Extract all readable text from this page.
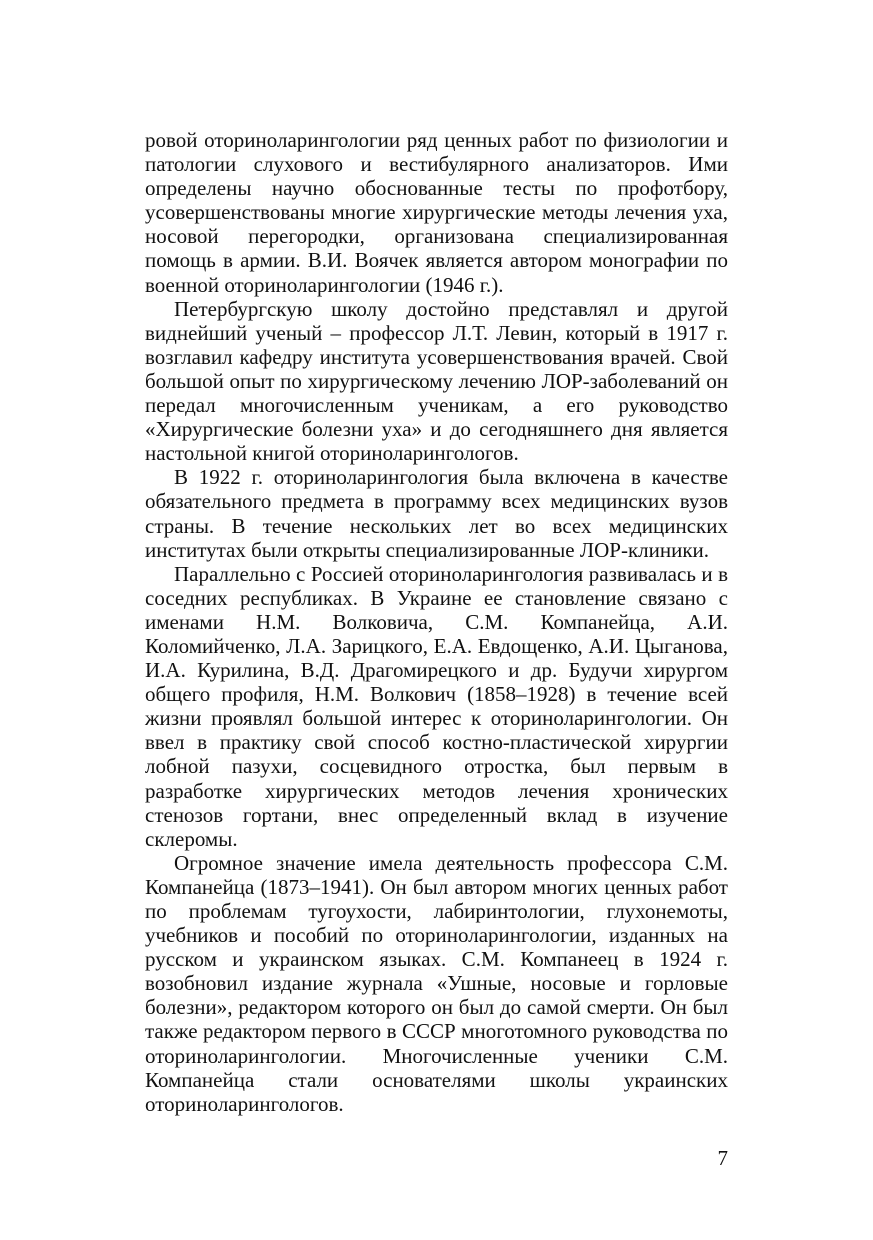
ровой оториноларингологии ряд ценных работ по физиологии и патологии слухового и вестибулярного анализаторов. Ими определены научно обоснованные тесты по профотбору, усовершенствованы многие хирургические методы лечения уха, носовой перегородки, организована специализированная помощь в армии. В.И. Воячек является автором монографии по военной оториноларингологии (1946 г.).

Петербургскую школу достойно представлял и другой виднейший ученый – профессор Л.Т. Левин, который в 1917 г. возглавил кафедру института усовершенствования врачей. Свой большой опыт по хирургическому лечению ЛОР-заболеваний он передал многочисленным ученикам, а его руководство «Хирургические болезни уха» и до сегодняшнего дня является настольной книгой оториноларингологов.

В 1922 г. оториноларингология была включена в качестве обязательного предмета в программу всех медицинских вузов страны. В течение нескольких лет во всех медицинских институтах были открыты специализированные ЛОР-клиники.

Параллельно с Россией оториноларингология развивалась и в соседних республиках. В Украине ее становление связано с именами Н.М. Волковича, С.М. Компанейца, А.И. Коломийченко, Л.А. Зарицкого, Е.А. Евдощенко, А.И. Цыганова, И.А. Курилина, В.Д. Драгомирецкого и др. Будучи хирургом общего профиля, Н.М. Волкович (1858–1928) в течение всей жизни проявлял большой интерес к оториноларингологии. Он ввел в практику свой способ костно-пластической хирургии лобной пазухи, сосцевидного отростка, был первым в разработке хирургических методов лечения хронических стенозов гортани, внес определенный вклад в изучение склеромы.

Огромное значение имела деятельность профессора С.М. Компанейца (1873–1941). Он был автором многих ценных работ по проблемам тугоухости, лабиринтологии, глухонемоты, учебников и пособий по оториноларингологии, изданных на русском и украинском языках. С.М. Компанеец в 1924 г. возобновил издание журнала «Ушные, носовые и горловые болезни», редактором которого он был до самой смерти. Он был также редактором первого в СССР многотомного руководства по оториноларингологии. Многочисленные ученики С.М. Компанейца стали основателями школы украинских оториноларингологов.

7
